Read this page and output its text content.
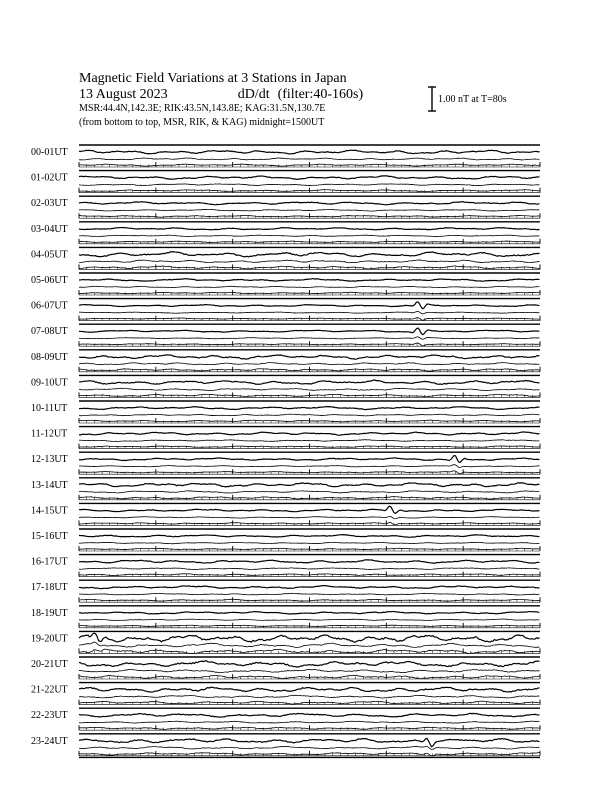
Magnetic Field Variations at 3 Stations in Japan
13 August 2023	dD/dt (filter:40-160s)
MSR:44.4N,142.3E; RIK:43.5N,143.8E; KAG:31.5N,130.7E
(from bottom to top, MSR, RIK, & KAG) midnight=1500UT
1.00 nT at T=80s
00-01UT
01-02UT
02-03UT
03-04UT
04-05UT
05-06UT
06-07UT
07-08UT
08-09UT
09-10UT
10-11UT
11-12UT
12-13UT
13-14UT
14-15UT
15-16UT
16-17UT
17-18UT
18-19UT
19-20UT
20-21UT
21-22UT
22-23UT
23-24UT
